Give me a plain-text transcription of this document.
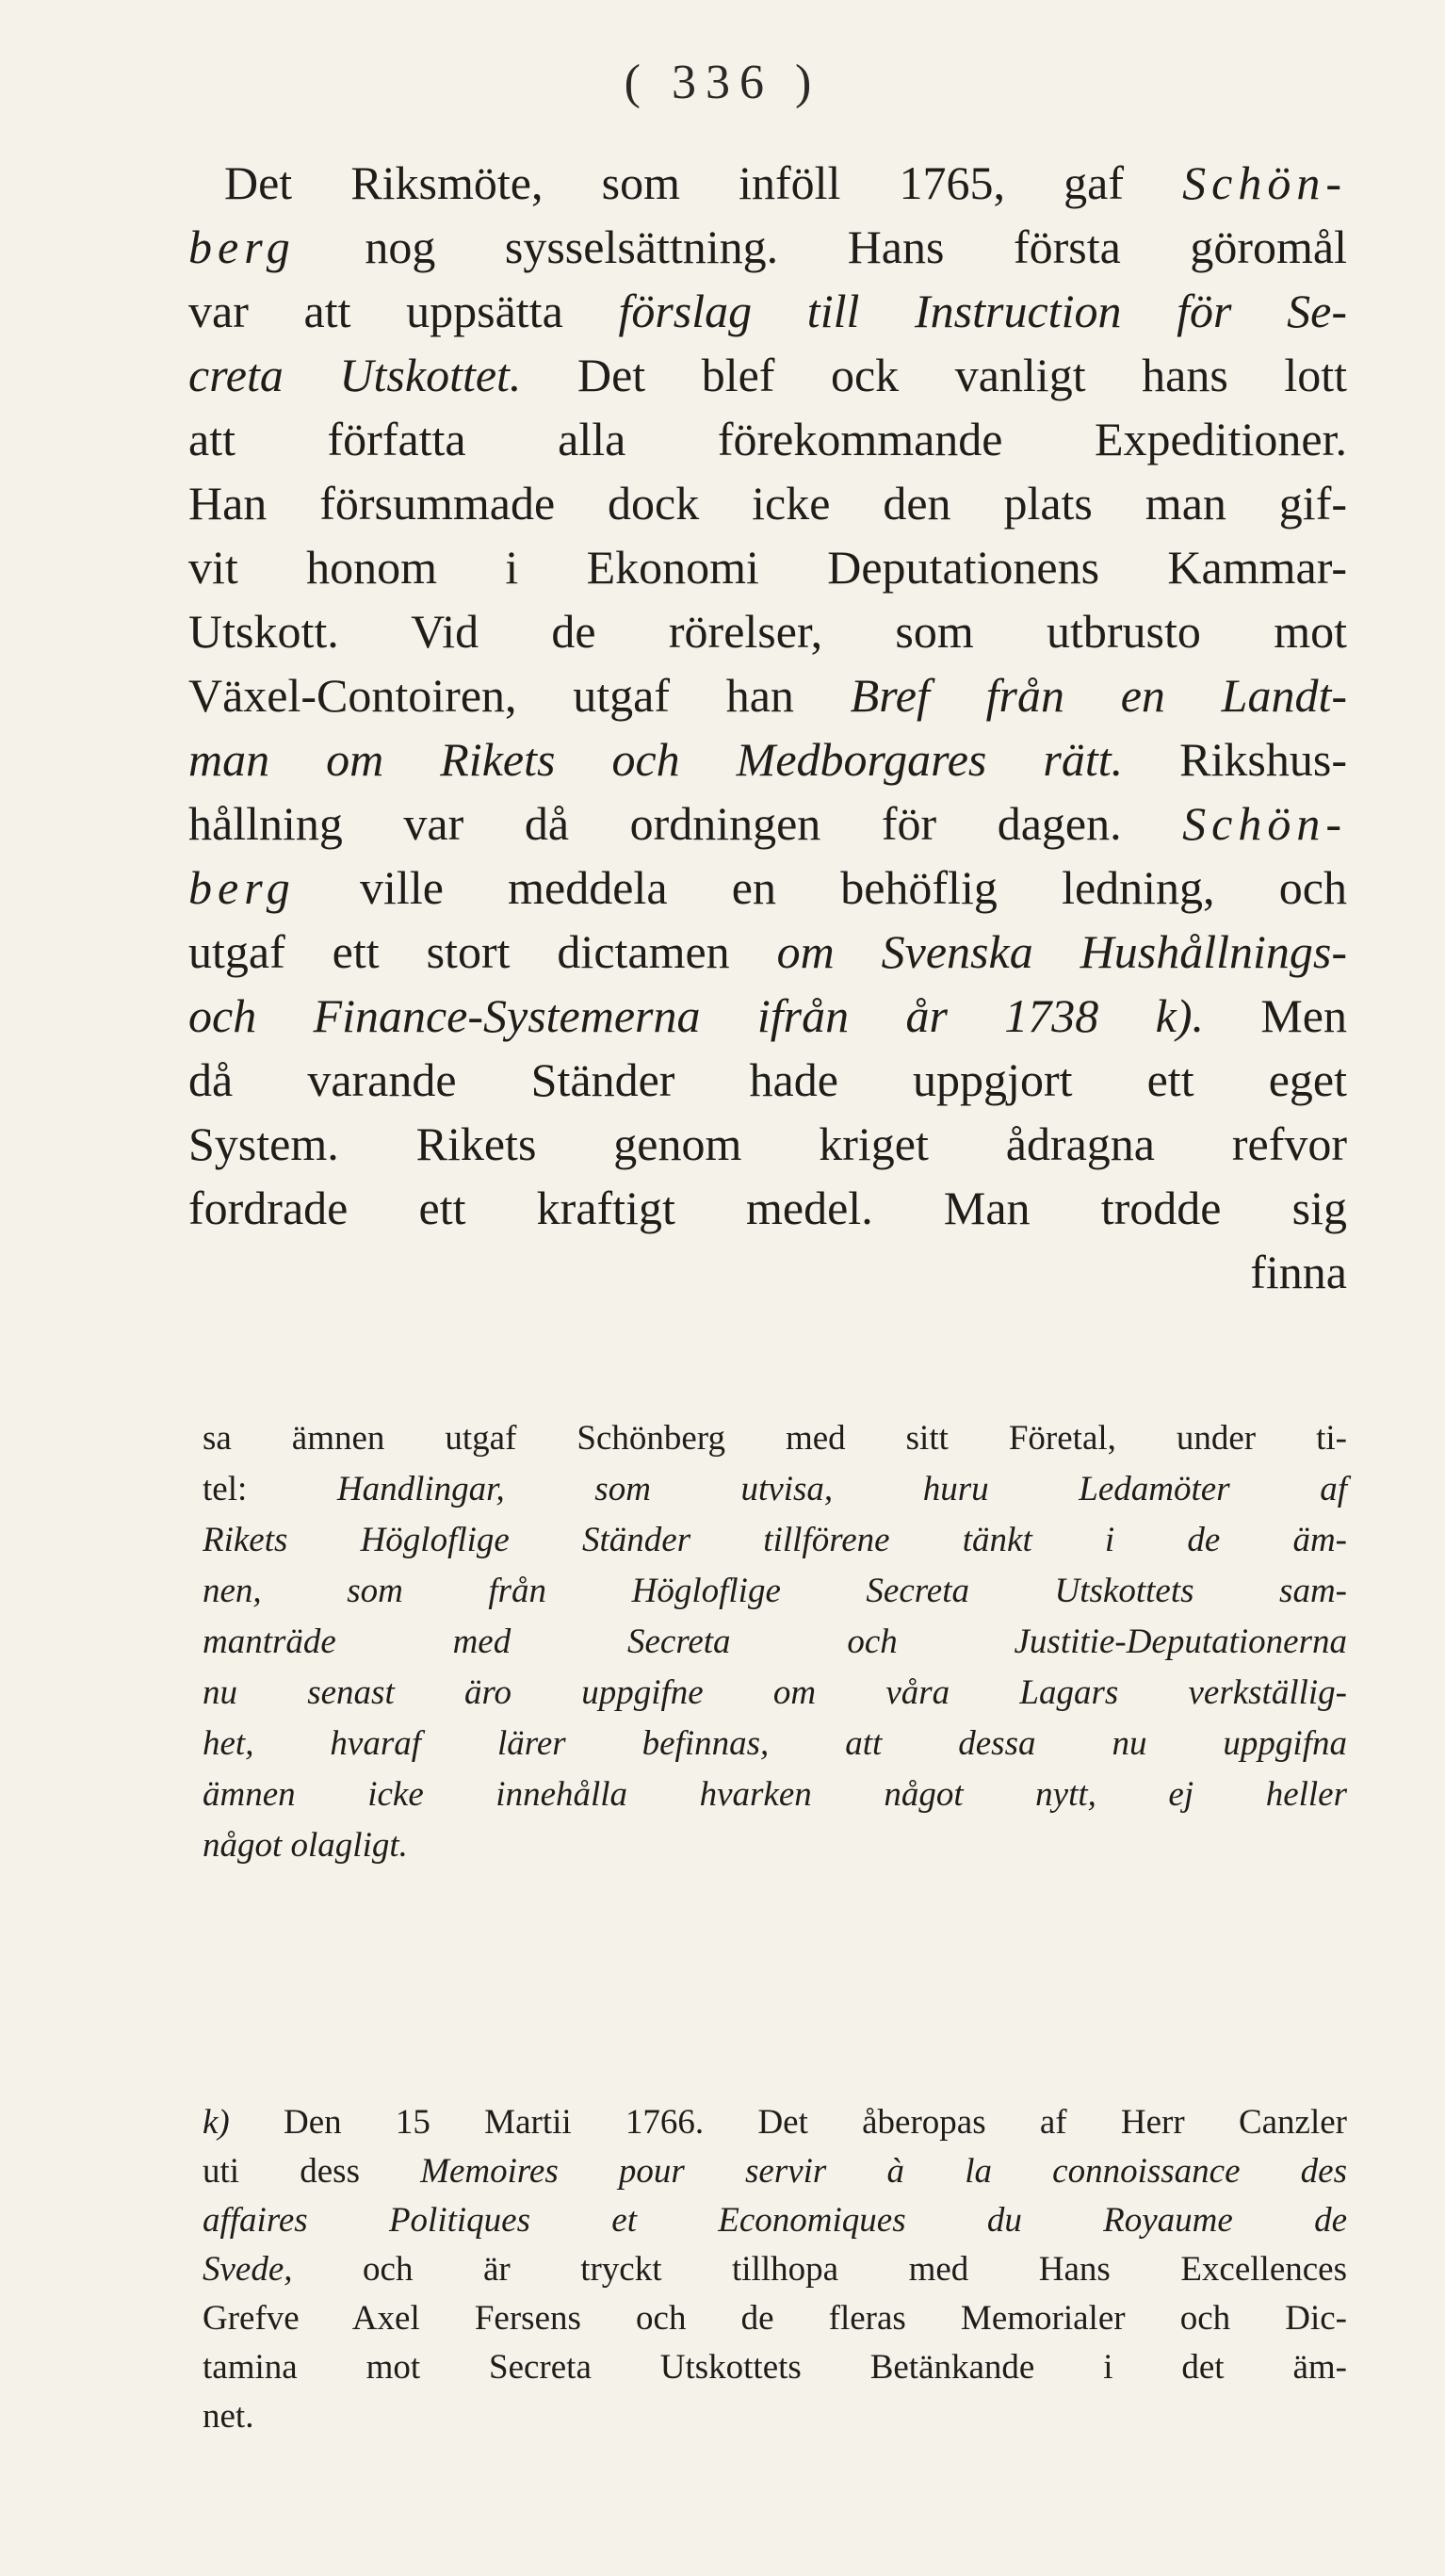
( 336 )
Det Riksmöte, som inföll 1765, gaf Schön-
berg nog sysselsättning. Hans första göromål
var att uppsätta förslag till Instruction för Se-
creta Utskottet. Det blef ock vanligt hans lott
att författa alla förekommande Expeditioner.
Han försummade dock icke den plats man gif-
vit honom i Ekonomi Deputationens Kammar-
Utskott. Vid de rörelser, som utbrusto mot
Växel-Contoiren, utgaf han Bref från en Landt-
man om Rikets och Medborgares rätt. Rikshus-
hållning var då ordningen för dagen. Schön-
berg ville meddela en behöflig ledning, och
utgaf ett stort dictamen om Svenska Hushållnings-
och Finance-Systemerna ifrån år 1738 k). Men
då varande Ständer hade uppgjort ett eget
System. Rikets genom kriget ådragna refvor
fordrade ett kraftigt medel. Man trodde sig
finna
sa ämnen utgaf Schönberg med sitt Företal, under ti-
tel: Handlingar, som utvisa, huru Ledamöter af
Rikets Högloflige Ständer tillförene tänkt i de äm-
nen, som från Högloflige Secreta Utskottets sam-
manträde med Secreta och Justitie-Deputationerna
nu senast äro uppgifne om våra Lagars verkställig-
het, hvaraf lärer befinnas, att dessa nu uppgifna
ämnen icke innehålla hvarken något nytt, ej heller
något olagligt.
k) Den 15 Martii 1766. Det åberopas af Herr Canzler
uti dess Memoires pour servir à la connoissance des
affaires Politiques et Economiques du Royaume de
Svede, och är tryckt tillhopa med Hans Excellences
Grefve Axel Fersens och de fleras Memorialer och Dic-
tamina mot Secreta Utskottets Betänkande i det äm-
net.
